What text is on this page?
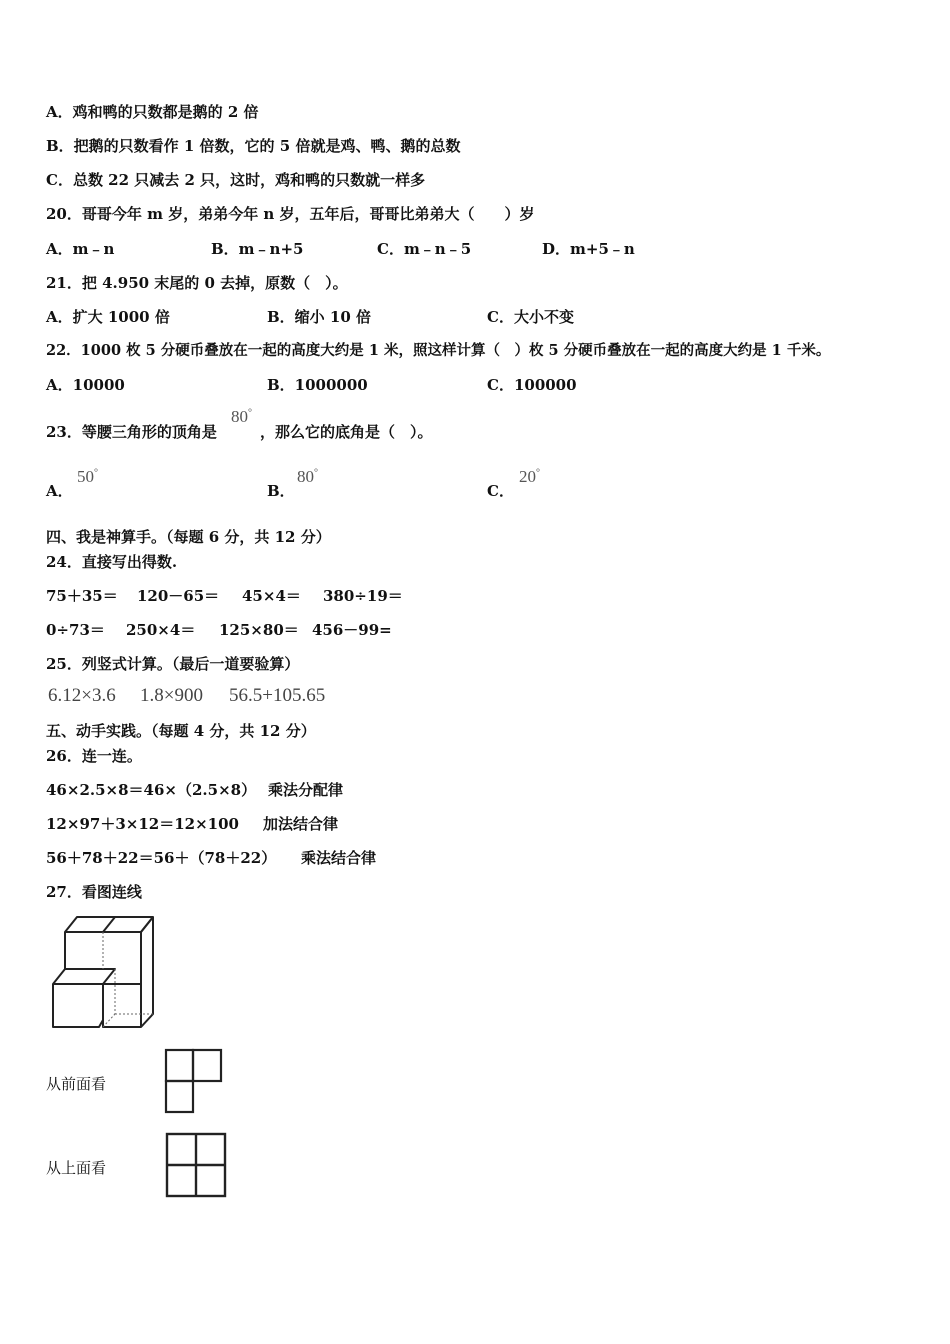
A．鸡和鸭的只数都是鹅的 2 倍
B．把鹅的只数看作 1 倍数，它的 5 倍就是鸡、鸭、鹅的总数
C．总数 22 只减去 2 只，这时，鸡和鸭的只数就一样多
20．哥哥今年 m 岁，弟弟今年 n 岁，五年后，哥哥比弟弟大（　　）岁
A．m﹣n	B．m﹣n+5	C．m﹣n﹣5	D．m+5﹣n
21．把 4.950 末尾的 0 去掉，原数（　）。
A．扩大 1000 倍	B．缩小 10 倍	C．大小不变
22．1000 枚 5 分硬币叠放在一起的高度大约是 1 米，照这样计算（　）枚 5 分硬币叠放在一起的高度大约是 1 千米。
A．10000	B．1000000	C．100000
23．等腰三角形的顶角是
80°
，那么它的底角是（　）。
A．
50°
B．
80°
C．
20°
四、我是神算手。（每题 6 分，共 12 分）
24．直接写出得数.
75＋35＝ 120－65＝ 45×4＝ 380÷19＝
0÷73＝ 250×4＝ 125×80＝ 456－99=
25．列竖式计算。（最后一道要验算）
6.12×3.6 1.8×900 56.5+105.65
五、动手实践。（每题 4 分，共 12 分）
26．连一连。
46×2.5×8＝46×（2.5×8） 乘法分配律
12×97＋3×12＝12×100 加法结合律
56＋78＋22＝56＋（78＋22） 乘法结合律
27．看图连线
从前面看
从上面看
